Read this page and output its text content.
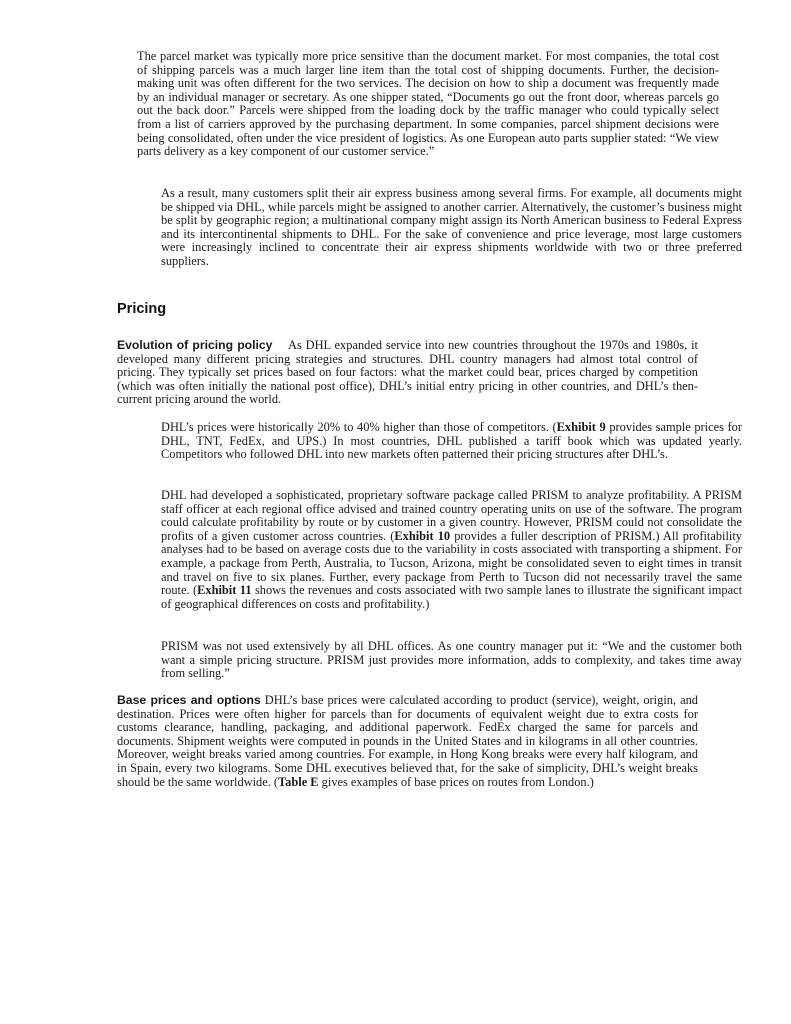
The parcel market was typically more price sensitive than the document market. For most companies, the total cost of shipping parcels was a much larger line item than the total cost of shipping documents. Further, the decision-making unit was often different for the two services. The decision on how to ship a document was frequently made by an individual manager or secretary. As one shipper stated, “Documents go out the front door, whereas parcels go out the back door.” Parcels were shipped from the loading dock by the traffic manager who could typically select from a list of carriers approved by the purchasing department. In some companies, parcel shipment decisions were being consolidated, often under the vice president of logistics. As one European auto parts supplier stated: “We view parts delivery as a key component of our customer service.”

As a result, many customers split their air express business among several firms. For example, all documents might be shipped via DHL, while parcels might be assigned to another carrier. Alternatively, the customer’s business might be split by geographic region; a multinational company might assign its North American business to Federal Express and its intercontinental shipments to DHL. For the sake of convenience and price leverage, most large customers were increasingly inclined to concentrate their air express shipments worldwide with two or three preferred suppliers.

Pricing

Evolution of pricing policy As DHL expanded service into new countries throughout the 1970s and 1980s, it developed many different pricing strategies and structures. DHL country managers had almost total control of pricing. They typically set prices based on four factors: what the market could bear, prices charged by competition (which was often initially the national post office), DHL’s initial entry pricing in other countries, and DHL’s then-current pricing around the world.

DHL’s prices were historically 20% to 40% higher than those of competitors. (Exhibit 9 provides sample prices for DHL, TNT, FedEx, and UPS.) In most countries, DHL published a tariff book which was updated yearly. Competitors who followed DHL into new markets often patterned their pricing structures after DHL’s.

DHL had developed a sophisticated, proprietary software package called PRISM to analyze profitability. A PRISM staff officer at each regional office advised and trained country operating units on use of the software. The program could calculate profitability by route or by customer in a given country. However, PRISM could not consolidate the profits of a given customer across countries. (Exhibit 10 provides a fuller description of PRISM.) All profitability analyses had to be based on average costs due to the variability in costs associated with transporting a shipment. For example, a package from Perth, Australia, to Tucson, Arizona, might be consolidated seven to eight times in transit and travel on five to six planes. Further, every package from Perth to Tucson did not necessarily travel the same route. (Exhibit 11 shows the revenues and costs associated with two sample lanes to illustrate the significant impact of geographical differences on costs and profitability.)

PRISM was not used extensively by all DHL offices. As one country manager put it: “We and the customer both want a simple pricing structure. PRISM just provides more information, adds to complexity, and takes time away from selling.”

Base prices and options DHL’s base prices were calculated according to product (service), weight, origin, and destination. Prices were often higher for parcels than for documents of equivalent weight due to extra costs for customs clearance, handling, packaging, and additional paperwork. FedEx charged the same for parcels and documents. Shipment weights were computed in pounds in the United States and in kilograms in all other countries. Moreover, weight breaks varied among countries. For example, in Hong Kong breaks were every half kilogram, and in Spain, every two kilograms. Some DHL executives believed that, for the sake of simplicity, DHL’s weight breaks should be the same worldwide. (Table E gives examples of base prices on routes from London.)
